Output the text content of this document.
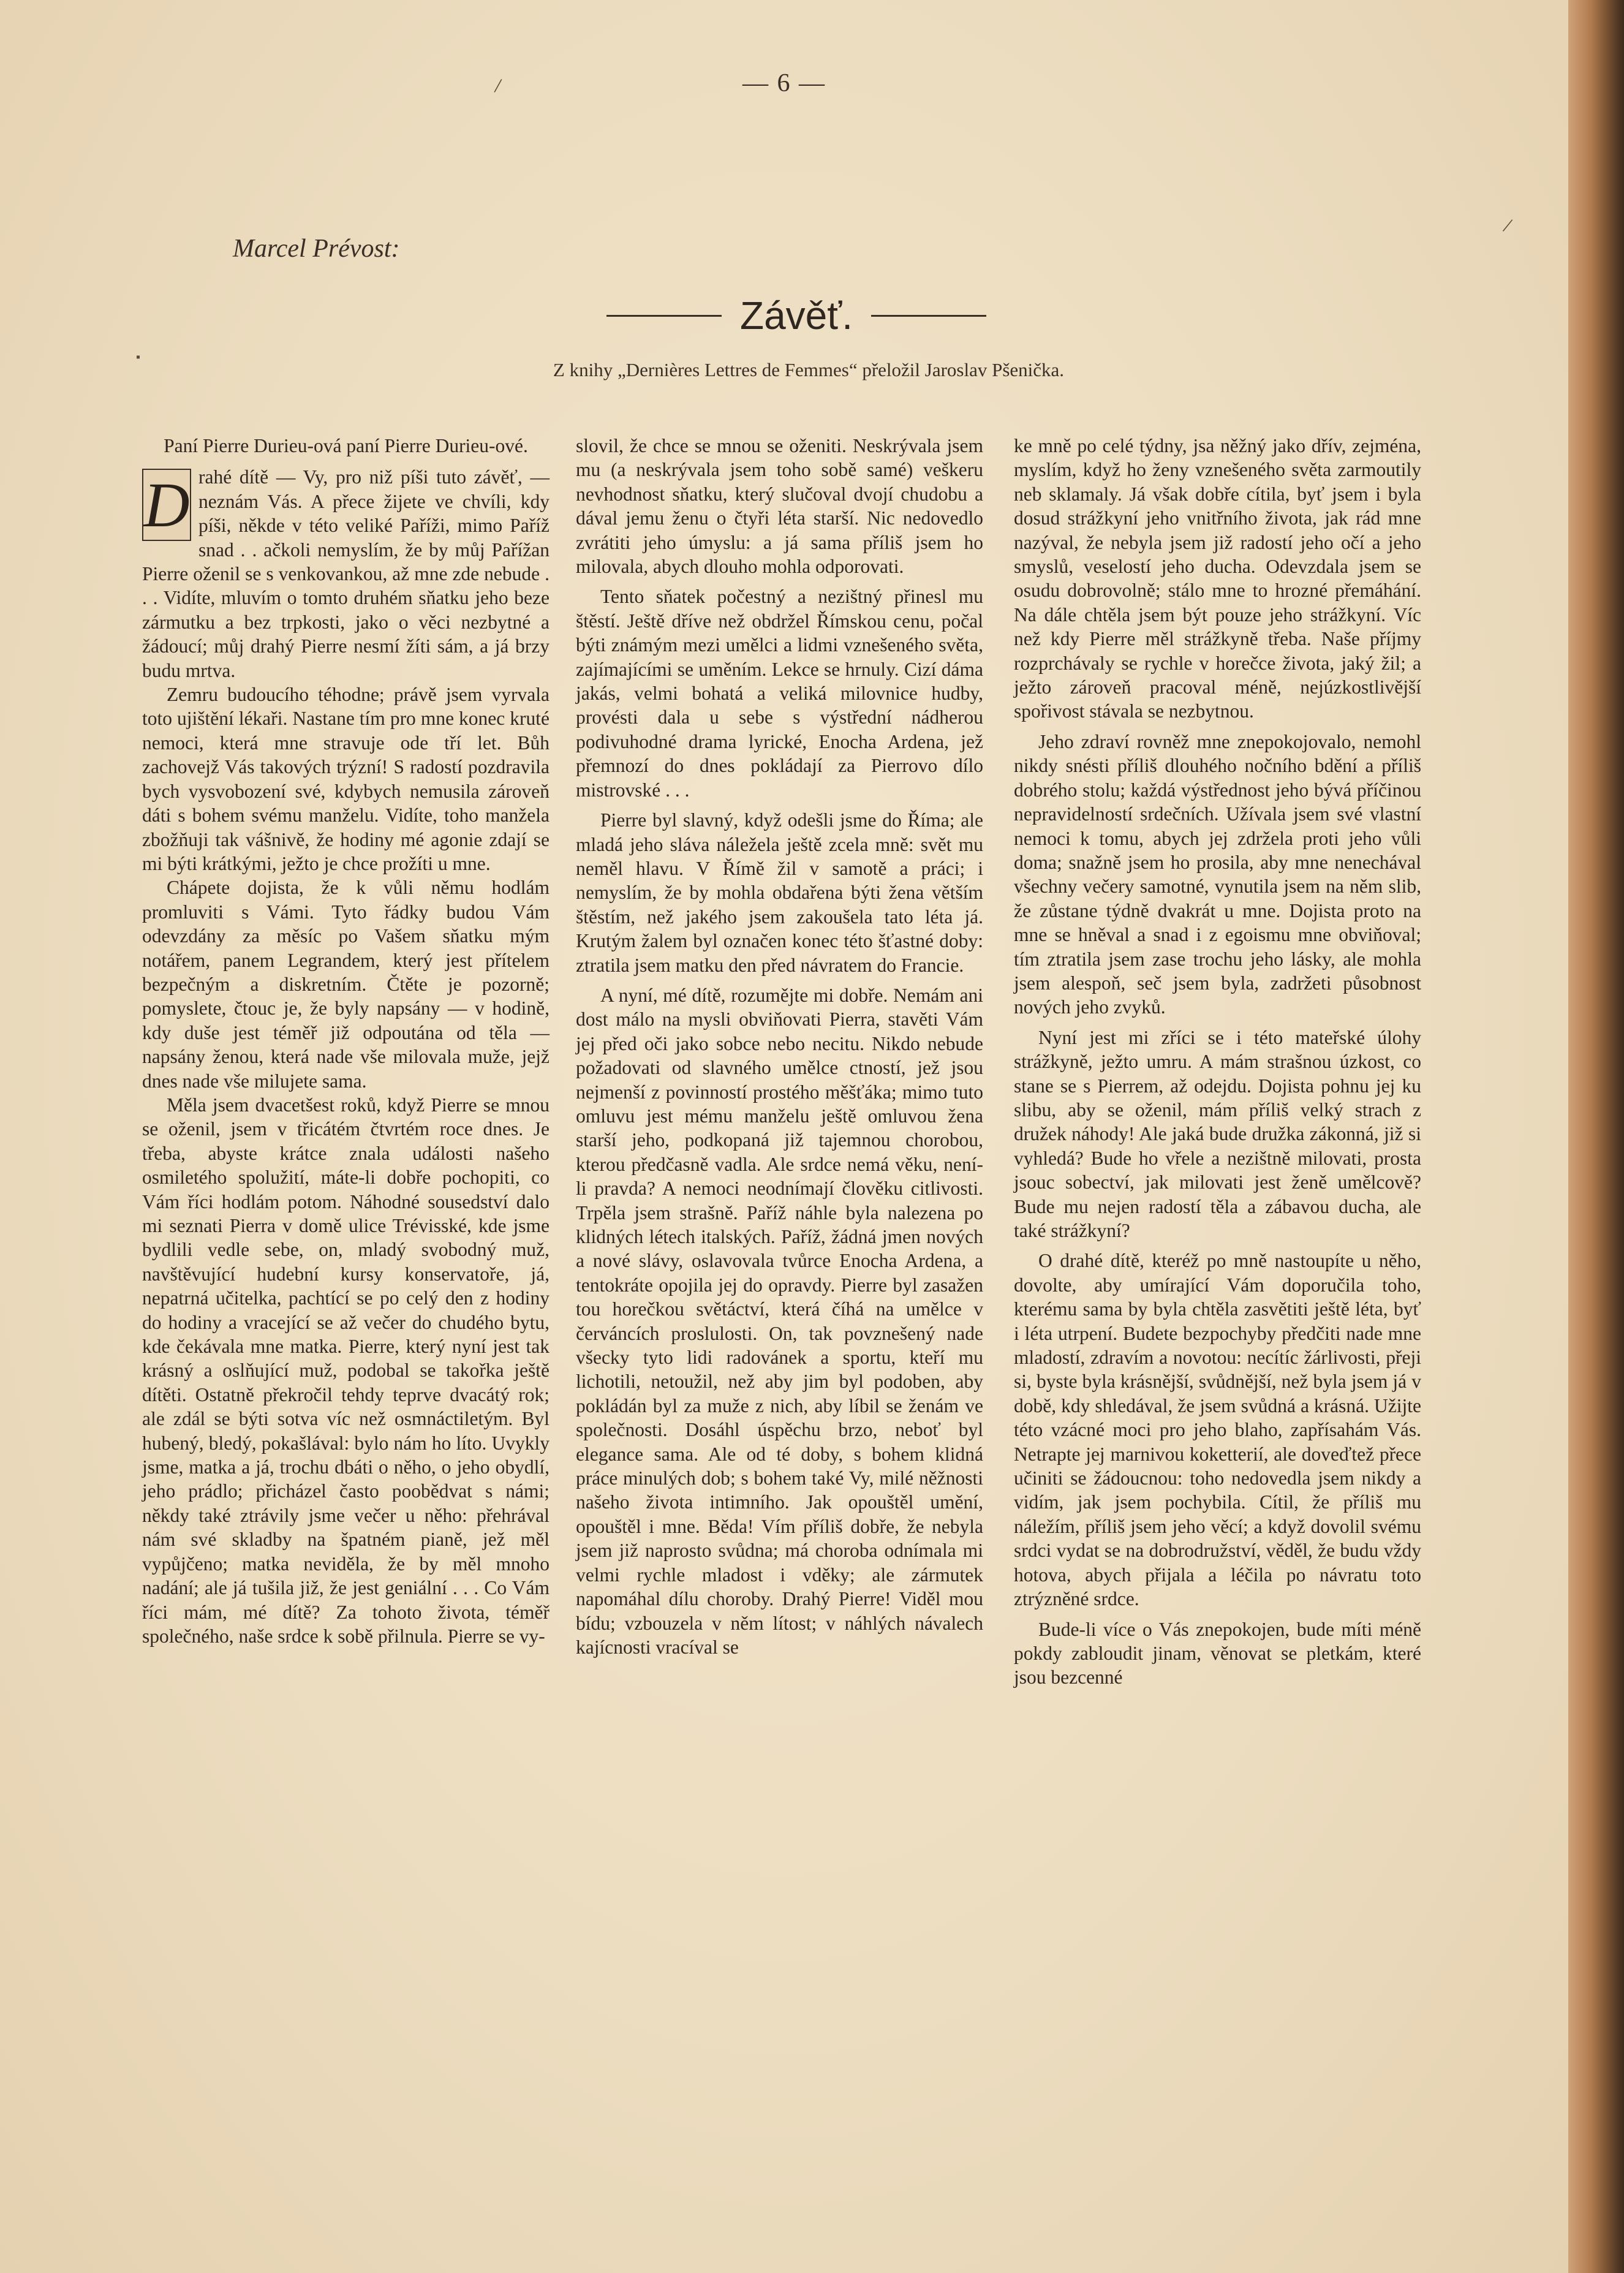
/
/
▪
— 6 —
Marcel Prévost:
Závěť.
Z knihy „Dernières Lettres de Femmes“ přeložil Jaroslav Pšenička.

Paní Pierre Durieu-ová paní Pierre Durieu-ové.

D rahé dítě — Vy, pro niž píši tuto závěť, — neznám Vás. A přece žijete ve chvíli, kdy píši, někde v této veliké Paříži, mimo Paříž snad . . ačkoli nemyslím, že by můj Pařížan Pierre oženil se s venkovankou, až mne zde nebude . . . Vidíte, mluvím o tomto druhém sňatku jeho beze zármutku a bez trpkosti, jako o věci nezbytné a žádoucí; můj drahý Pierre nesmí žíti sám, a já brzy budu mrtva.

Zemru budoucího téhodne; právě jsem vyrvala toto ujištění lékaři. Nastane tím pro mne konec kruté nemoci, která mne stravuje ode tří let. Bůh zachovejž Vás takových trýzní! S radostí pozdravila bych vysvobození své, kdybych nemusila zároveň dáti s bohem svému manželu. Vidíte, toho manžela zbožňuji tak vášnivě, že hodiny mé agonie zdají se mi býti krátkými, ježto je chce prožíti u mne.

Chápete dojista, že k vůli němu hodlám promluviti s Vámi. Tyto řádky budou Vám odevzdány za měsíc po Vašem sňatku mým notářem, panem Legrandem, který jest přítelem bezpečným a diskretním. Čtěte je pozorně; pomyslete, čtouc je, že byly napsány — v hodině, kdy duše jest téměř již odpoutána od těla — napsány ženou, která nade vše milovala muže, jejž dnes nade vše milujete sama.

Měla jsem dvacetšest roků, když Pierre se mnou se oženil, jsem v třicátém čtvrtém roce dnes. Je třeba, abyste krátce znala události našeho osmiletého spolužití, máte-li dobře pochopiti, co Vám říci hodlám potom. Náhodné sousedství dalo mi seznati Pierra v domě ulice Trévisské, kde jsme bydlili vedle sebe, on, mladý svobodný muž, navštěvující hudební kursy konservatoře, já, nepatrná učitelka, pachtící se po celý den z hodiny do hodiny a vracející se až večer do chudého bytu, kde čekávala mne matka. Pierre, který nyní jest tak krásný a oslňující muž, podobal se takořka ještě dítěti. Ostatně překročil tehdy teprve dvacátý rok; ale zdál se býti sotva víc než osmnáctiletým. Byl hubený, bledý, pokašlával: bylo nám ho líto. Uvykly jsme, matka a já, trochu dbáti o něho, o jeho obydlí, jeho prádlo; přicházel často poobědvat s námi; někdy také ztrávily jsme večer u něho: přehrával nám své skladby na špatném pianě, jež měl vypůjčeno; matka neviděla, že by měl mnoho nadání; ale já tušila již, že jest geniální . . . Co Vám říci mám, mé dítě? Za tohoto života, téměř společného, naše srdce k sobě přilnula. Pierre se vy-

slovil, že chce se mnou se oženiti. Neskrývala jsem mu (a neskrývala jsem toho sobě samé) veškeru nevhodnost sňatku, který slučoval dvojí chudobu a dával jemu ženu o čtyři léta starší. Nic nedovedlo zvrátiti jeho úmyslu: a já sama příliš jsem ho milovala, abych dlouho mohla odporovati.

Tento sňatek počestný a nezištný přinesl mu štěstí. Ještě dříve než obdržel Římskou cenu, počal býti známým mezi umělci a lidmi vznešeného světa, zajímajícími se uměním. Lekce se hrnuly. Cizí dáma jakás, velmi bohatá a veliká milovnice hudby, provésti dala u sebe s výstřední nádherou podivuhodné drama lyrické, Enocha Ardena, jež přemnozí do dnes pokládají za Pierrovo dílo mistrovské . . .

Pierre byl slavný, když odešli jsme do Říma; ale mladá jeho sláva náležela ještě zcela mně: svět mu neměl hlavu. V Římě žil v samotě a práci; i nemyslím, že by mohla obdařena býti žena větším štěstím, než jakého jsem zakoušela tato léta já. Krutým žalem byl označen konec této šťastné doby: ztratila jsem matku den před návratem do Francie.

A nyní, mé dítě, rozumějte mi dobře. Nemám ani dost málo na mysli obviňovati Pierra, stavěti Vám jej před oči jako sobce nebo necitu. Nikdo nebude požadovati od slavného umělce ctností, jež jsou nejmenší z povinností prostého měšťáka; mimo tuto omluvu jest mému manželu ještě omluvou žena starší jeho, podkopaná již tajemnou chorobou, kterou předčasně vadla. Ale srdce nemá věku, není-li pravda? A nemoci neodnímají člověku citlivosti. Trpěla jsem strašně. Paříž náhle byla nalezena po klidných létech italských. Paříž, žádná jmen nových a nové slávy, oslavovala tvůrce Enocha Ardena, a tentokráte opojila jej do opravdy. Pierre byl zasažen tou horečkou světáctví, která číhá na umělce v červáncích proslulosti. On, tak povznešený nade všecky tyto lidi radovánek a sportu, kteří mu lichotili, netoužil, než aby jim byl podoben, aby pokládán byl za muže z nich, aby líbil se ženám ve společnosti. Dosáhl úspěchu brzo, neboť byl elegance sama. Ale od té doby, s bohem klidná práce minulých dob; s bohem také Vy, milé něžnosti našeho života intimního. Jak opouštěl umění, opouštěl i mne. Běda! Vím příliš dobře, že nebyla jsem již naprosto svůdna; má choroba odnímala mi velmi rychle mladost i vděky; ale zármutek napomáhal dílu choroby. Drahý Pierre! Viděl mou bídu; vzbouzela v něm lítost; v náhlých návalech kajícnosti vracíval se

ke mně po celé týdny, jsa něžný jako dřív, zejména, myslím, když ho ženy vznešeného světa zarmoutily neb sklamaly. Já však dobře cítila, byť jsem i byla dosud strážkyní jeho vnitřního života, jak rád mne nazýval, že nebyla jsem již radostí jeho očí a jeho smyslů, veselostí jeho ducha. Odevzdala jsem se osudu dobrovolně; stálo mne to hrozné přemáhání. Na dále chtěla jsem být pouze jeho strážkyní. Víc než kdy Pierre měl strážkyně třeba. Naše příjmy rozprchávaly se rychle v horečce života, jaký žil; a ježto zároveň pracoval méně, nejúzkostlivější spořivost stávala se nezbytnou.

Jeho zdraví rovněž mne znepokojovalo, nemohl nikdy snésti příliš dlouhého nočního bdění a příliš dobrého stolu; každá výstřednost jeho bývá příčinou nepravidelností srdečních. Užívala jsem své vlastní nemoci k tomu, abych jej zdržela proti jeho vůli doma; snažně jsem ho prosila, aby mne nenechával všechny večery samotné, vynutila jsem na něm slib, že zůstane týdně dvakrát u mne. Dojista proto na mne se hněval a snad i z egoismu mne obviňoval; tím ztratila jsem zase trochu jeho lásky, ale mohla jsem alespoň, seč jsem byla, zadržeti působnost nových jeho zvyků.

Nyní jest mi zříci se i této mateřské úlohy strážkyně, ježto umru. A mám strašnou úzkost, co stane se s Pierrem, až odejdu. Dojista pohnu jej ku slibu, aby se oženil, mám příliš velký strach z družek náhody! Ale jaká bude družka zákonná, již si vyhledá? Bude ho vřele a nezištně milovati, prosta jsouc sobectví, jak milovati jest ženě umělcově? Bude mu nejen radostí těla a zábavou ducha, ale také strážkyní?

O drahé dítě, kteréž po mně nastoupíte u něho, dovolte, aby umírající Vám doporučila toho, kterému sama by byla chtěla zasvětiti ještě léta, byť i léta utrpení. Budete bezpochyby předčiti nade mne mladostí, zdravím a novotou: necítíc žárlivosti, přeji si, byste byla krásnější, svůdnější, než byla jsem já v době, kdy shledával, že jsem svůdná a krásná. Užijte této vzácné moci pro jeho blaho, zapřísahám Vás. Netrapte jej marnivou koketterií, ale doveďtež přece učiniti se žádoucnou: toho nedovedla jsem nikdy a vidím, jak jsem pochybila. Cítil, že příliš mu náležím, příliš jsem jeho věcí; a když dovolil svému srdci vydat se na dobrodružství, věděl, že budu vždy hotova, abych přijala a léčila po návratu toto ztrýzněné srdce.

Bude-li více o Vás znepokojen, bude míti méně pokdy zabloudit jinam, věnovat se pletkám, které jsou bezcenné
